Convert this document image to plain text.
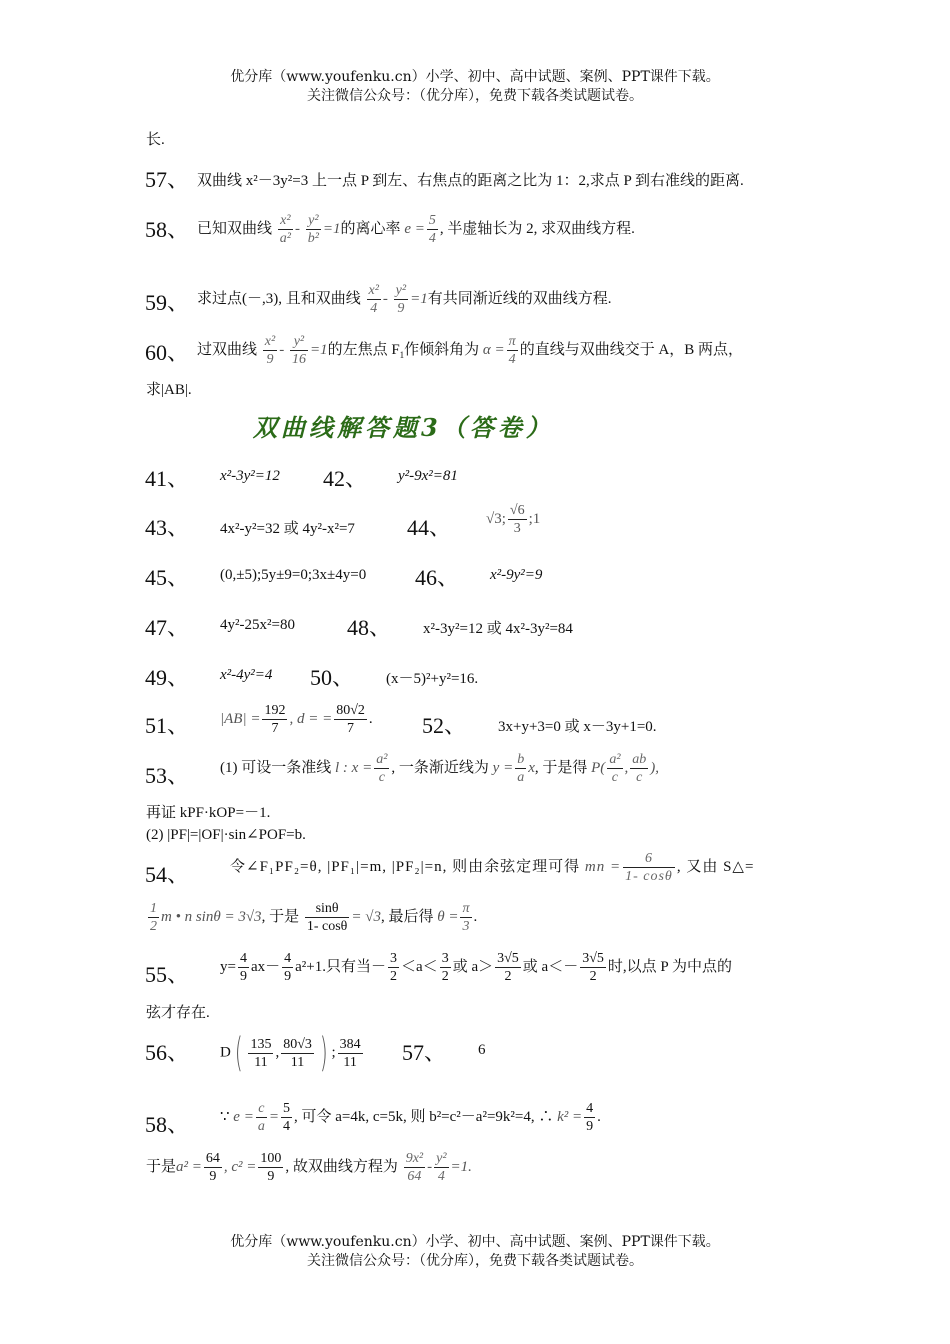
优分库（www.youfenku.cn）小学、初中、高中试题、案例、PPT课件下载。
关注微信公众号：（优分库），免费下载各类试题试卷。
长.
57、 双曲线 x²－3y²=3 上一点 P 到左、右焦点的距离之比为 1：2,求点 P 到右准线的距离.
58、 已知双曲线 $\frac{\text{x²}}{\text{a²}} - \frac{\text{y²}}{\text{b²}} =1$的离心率 $e = \frac{5}{4}$ , 半虚轴长为 2, 求双曲线方程.
59、 求过点(－,3), 且和双曲线 $\frac{\text{x²}}{4} - \frac{\text{y²}}{9} =1$有共同渐近线的双曲线方程.
60、 过双曲线 $\frac{\text{x²}}{9} - \frac{\text{y²}}{16} =1$的左焦点 $F_1$作倾斜角为 $\alpha = \frac{\pi}{4}$ 的直线与双曲线交于 A，B 两点，
求|AB|.
双曲线解答题3（答卷）
41、 x²-3y²=12 42、 y²-9x²=81
43、 4x²-y²=32 或 4y²-x²=7 44、 √3; $\frac{√6}{3}$ ;1
45、 (0,±5);5y±9=0;3x±4y=0 46、 x²-9y²=9
47、 4y²-25x²=80 48、 x²-3y²=12 或 4x²-3y²=84
49、 x²-4y²=4 50、 (x－5)²+y²=16.
51、 $|AB| = \frac{192}{7}$ , d = = $\frac{80√2}{7}$ . 52、 3x+y+3=0 或 x－3y+1=0.
53、 (1) 可设一条准线 l : $x = \frac{\text{a²}}{c}$ , 一条渐近线为 $y = \frac{b}{a} x$, 于是得 $P( \frac{\text{a²}}{c}$ , $\frac{ab}{c}$ ),
再证 kPF·kOP=－1.
(2) |PF|=|OF|·sin∠POF=b.
54、	令∠F₁PF₂=θ, |PF₁|=m, |PF₂|=n, 则由余弦定理可得 mn = $\frac{6}{1- \cos\theta}$ , 又由 S△=
$\frac{1}{2}$ m • n sinθ = 3√3, 于是 $\frac{\sin\theta}{1- \cos\theta} = √3$, 最后得 $\theta = \frac{\pi}{3}$ .
55、 $y= \frac{4}{9} ax- \frac{4}{9} a^2+1$.只有当－ $\frac{3}{2} <a< \frac{3}{2}$ 或 $a> \frac{3√5}{2}$ 或 $a<- \frac{3√5}{2}$ 时,以点 P 为中点的
弦才存在.
56、 $D( \frac{135}{11}$ , $\frac{80√3}{11}$ ) ; $\frac{384}{11} 57$、 6
58、 ∵ $e = \frac{c}{a} = \frac{5}{4}$ , 可令 a=4k, c=5k, 则 b²=c²－a²=9k²=4, ∴ $k^2 = \frac{4}{9}$ .
于是$a^2 = \frac{64}{9}$ , $c^2 = \frac{100}{9}$ , 故双曲线方程为 $\frac{\text{9x²}}{64} - \frac{\text{y²}}{4} =1$.
优分库（www.youfenku.cn）小学、初中、高中试题、案例、PPT课件下载。
关注微信公众号：（优分库），免费下载各类试题试卷。
